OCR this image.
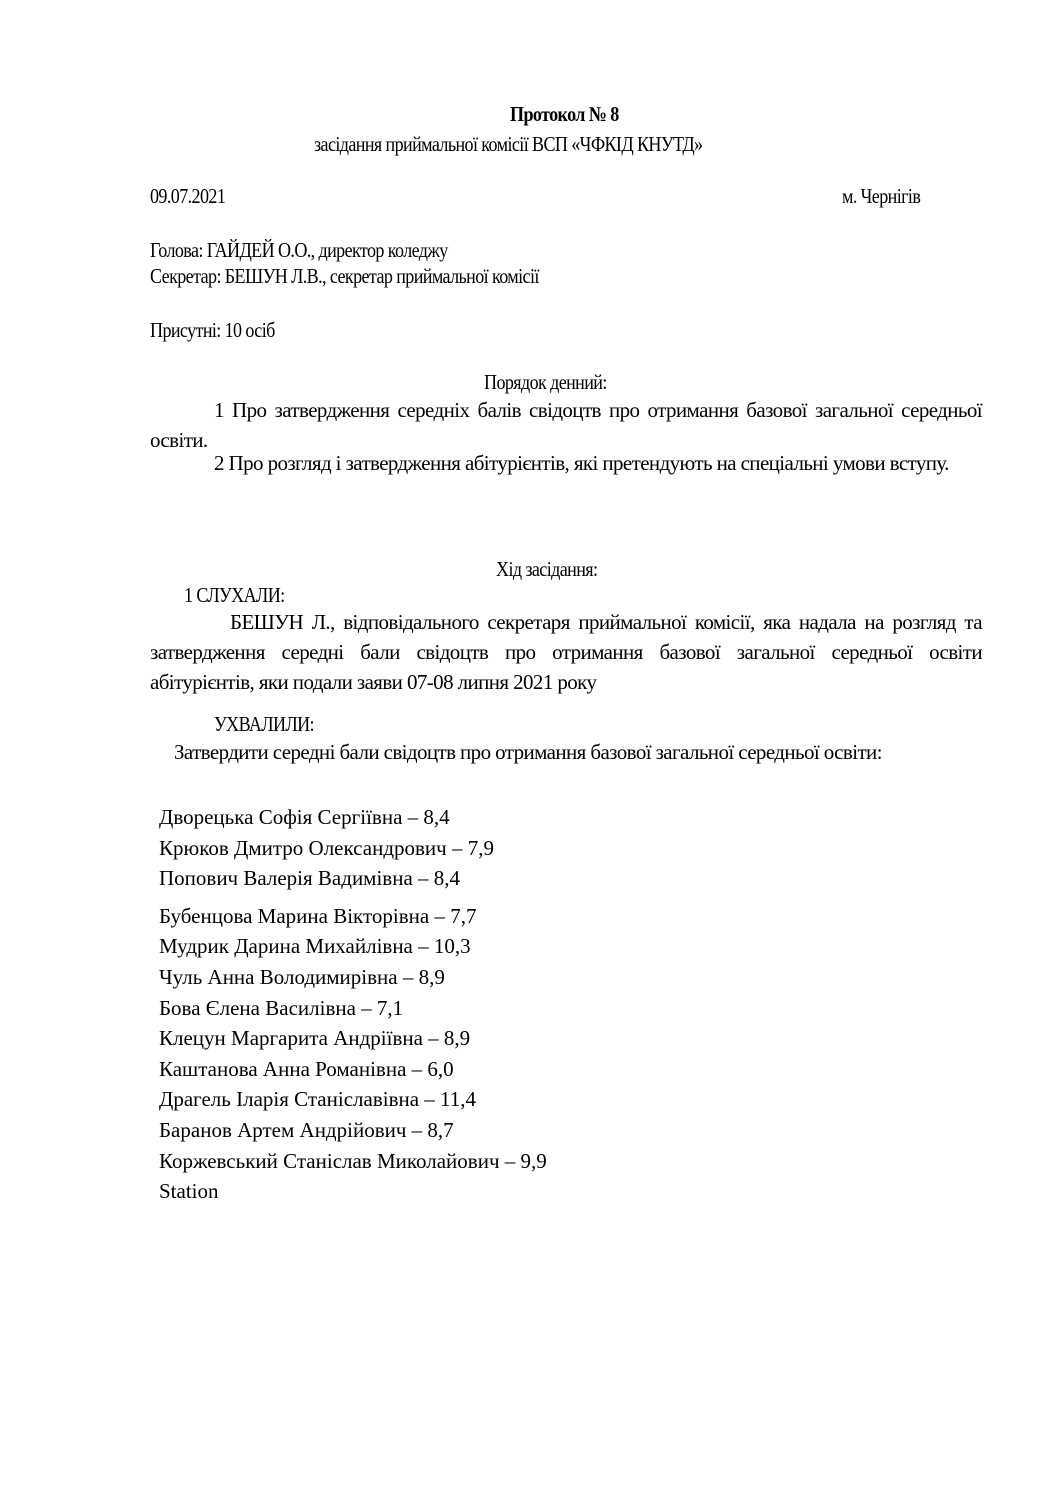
Протокол № 8
засідання приймальної комісії ВСП «ЧФКІД КНУТД»
09.07.2021	м. Чернігів
Голова: ГАЙДЕЙ О.О., директор коледжу
Секретар: БЕШУН Л.В., секретар приймальної комісії
Присутні: 10 осіб
Порядок денний:
1 Про затвердження середніх балів свідоцтв про отримання базової загальної середньої освіти.
2 Про розгляд і затвердження абітурієнтів, які претендують на спеціальні умови вступу.
Хід засідання:
1 СЛУХАЛИ:
БЕШУН Л., відповідального секретаря приймальної комісії, яка надала на розгляд та затвердження середні бали свідоцтв про отримання базової загальної середньої освіти абітурієнтів, яки подали заяви 07-08 липня 2021 року
УХВАЛИЛИ:
Затвердити середні бали свідоцтв про отримання базової загальної середньої освіти:
Дворецька Софія Сергіївна – 8,4
Крюков Дмитро Олександрович – 7,9
Попович Валерія Вадимівна – 8,4
Бубенцова Марина Вікторівна – 7,7
Мудрик Дарина Михайлівна – 10,3
Чуль Анна Володимирівна – 8,9
Бова Єлена Василівна – 7,1
Клецун Маргарита Андріївна – 8,9
Каштанова Анна Романівна – 6,0
Драгель Іларія Станіславівна – 11,4
Баранов Артем Андрійович – 8,7
Коржевський Станіслав Миколайович – 9,9
Station
